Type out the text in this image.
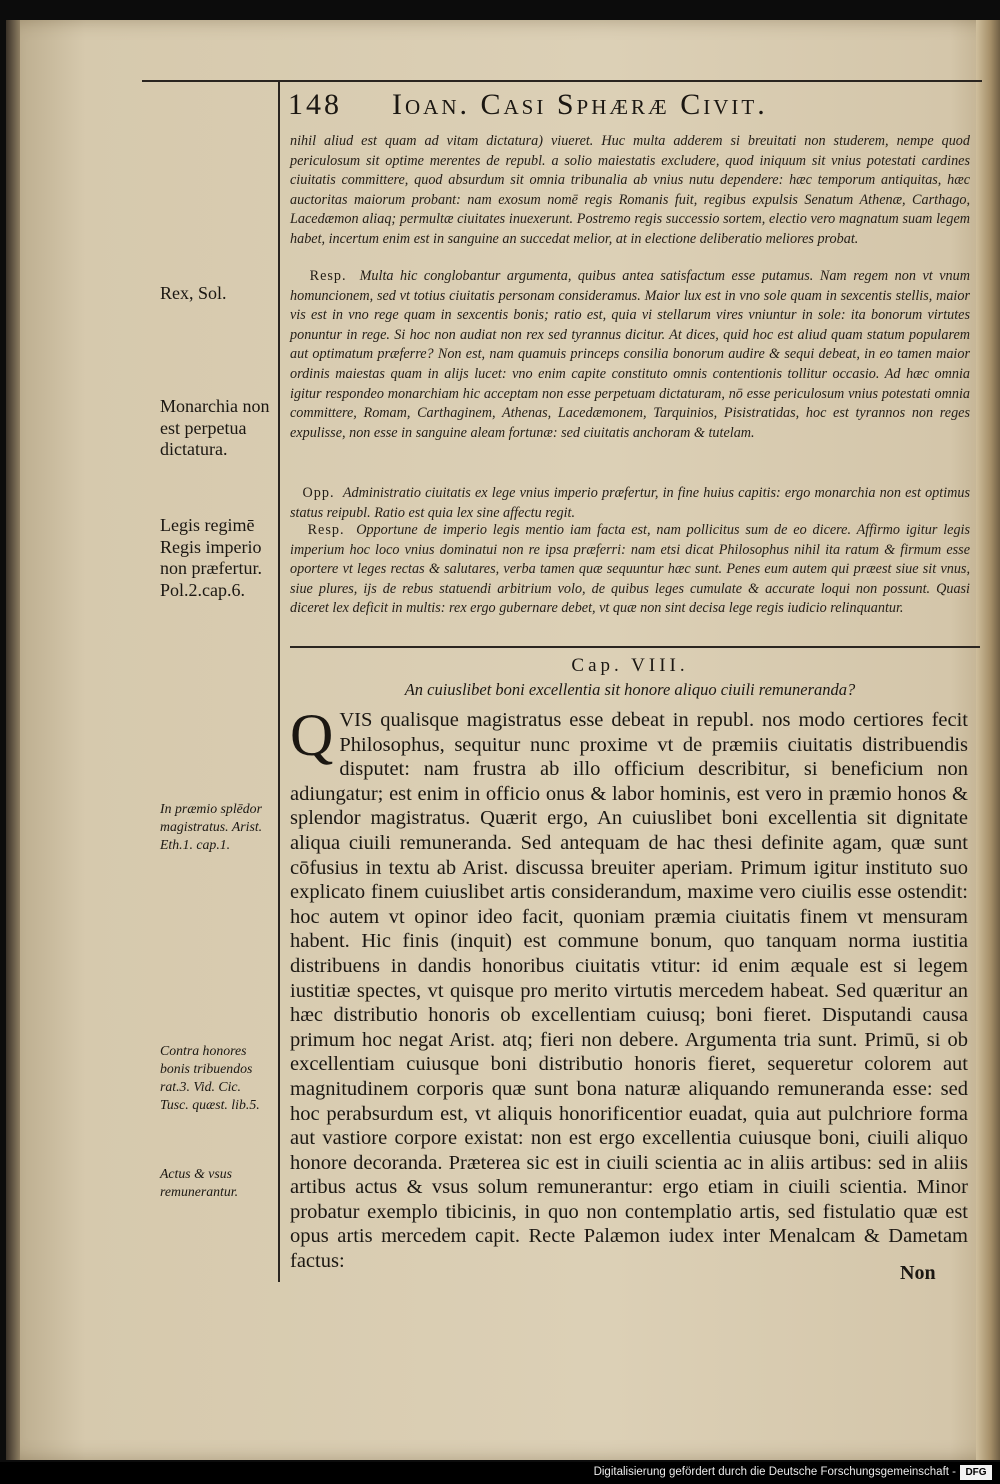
148 Ioan. Casi Sphæræ Civit.
nihil aliud est quam ad vitam dictatura) viueret. Huc multa adderem si breuitati non studerem, nempe quod periculosum sit optime merentes de republ. a solio maiestatis excludere, quod iniquum sit vnius potestati cardines ciuitatis committere, quod absurdum sit omnia tribunalia ab vnius nutu dependere: hæc temporum antiquitas, hæc auctoritas maiorum probant: nam exosum nomē regis Romanis fuit, regibus expulsis Senatum Athenæ, Carthago, Lacedæmon aliaq; permultæ ciuitates inuexerunt. Postremo regis successio sortem, electio vero magnatum suam legem habet, incertum enim est in sanguine an succedat melior, at in electione deliberatio meliores probat.
Resp. Multa hic conglobantur argumenta, quibus antea satisfactum esse putamus. Nam regem non vt vnum homuncionem, sed vt totius ciuitatis personam consideramus. Maior lux est in vno sole quam in sexcentis stellis, maior vis est in vno rege quam in sexcentis bonis; ratio est, quia vi stellarum vires vniuntur in sole: ita bonorum virtutes ponuntur in rege. Si hoc non audiat non rex sed tyrannus dicitur. At dices, quid hoc est aliud quam statum popularem aut optimatum præferre? Non est, nam quamuis princeps consilia bonorum audire & sequi debeat, in eo tamen maior ordinis maiestas quam in alijs lucet: vno enim capite constituto omnis contentionis tollitur occasio. Ad hæc omnia igitur respondeo monarchiam hic acceptam non esse perpetuam dictaturam, nō esse periculosum vnius potestati omnia committere, Romam, Carthaginem, Athenas, Lacedæmonem, Tarquinios, Pisistratidas, hoc est tyrannos non reges expulisse, non esse in sanguine aleam fortunæ: sed ciuitatis anchoram & tutelam.
Opp. Administratio ciuitatis ex lege vnius imperio præfertur, in fine huius capitis: ergo monarchia non est optimus status reipubl. Ratio est quia lex sine affectu regit.
Resp. Opportune de imperio legis mentio iam facta est, nam pollicitus sum de eo dicere. Affirmo igitur legis imperium hoc loco vnius dominatui non re ipsa præferri: nam etsi dicat Philosophus nihil ita ratum & firmum esse oportere vt leges rectas & salutares, verba tamen quæ sequuntur hæc sunt. Penes eum autem qui præest siue sit vnus, siue plures, ijs de rebus statuendi arbitrium volo, de quibus leges cumulate & accurate loqui non possunt. Quasi diceret lex deficit in multis: rex ergo gubernare debet, vt quæ non sint decisa lege regis iudicio relinquantur.
Cap. VIII.
An cuiuslibet boni excellentia sit honore aliquo ciuili remuneranda?
QVIS qualisque magistratus esse debeat in republ. nos modo certiores fecit Philosophus, sequitur nunc proxime vt de præmiis ciuitatis distribuendis disputet: nam frustra ab illo officium describitur, si beneficium non adiungatur; est enim in officio onus & labor hominis, est vero in præmio honos & splendor magistratus. Quærit ergo, An cuiuslibet boni excellentia sit dignitate aliqua ciuili remuneranda. Sed antequam de hac thesi definite agam, quæ sunt cōfusius in textu ab Arist. discussa breuiter aperiam. Primum igitur instituto suo explicato finem cuiuslibet artis considerandum, maxime vero ciuilis esse ostendit: hoc autem vt opinor ideo facit, quoniam præmia ciuitatis finem vt mensuram habent. Hic finis (inquit) est commune bonum, quo tanquam norma iustitia distribuens in dandis honoribus ciuitatis vtitur: id enim æquale est si legem iustitiæ spectes, vt quisque pro merito virtutis mercedem habeat. Sed quæritur an hæc distributio honoris ob excellentiam cuiusq; boni fieret. Disputandi causa primum hoc negat Arist. atq; fieri non debere. Argumenta tria sunt. Primū, si ob excellentiam cuiusque boni distributio honoris fieret, sequeretur colorem aut magnitudinem corporis quæ sunt bona naturæ aliquando remuneranda esse: sed hoc perabsurdum est, vt aliquis honorificentior euadat, quia aut pulchriore forma aut vastiore corpore existat: non est ergo excellentia cuiusque boni, ciuili aliquo honore decoranda. Præterea sic est in ciuili scientia ac in aliis artibus: sed in aliis artibus actus & vsus solum remunerantur: ergo etiam in ciuili scientia. Minor probatur exemplo tibicinis, in quo non contemplatio artis, sed fistulatio quæ est opus artis mercedem capit. Recte Palæmon iudex inter Menalcam & Dametam factus:
Non
Rex, Sol.
Monarchia non est perpetua dictatura.
Legis regimē Regis imperio non præfertur. Pol.2.cap.6.
In præmio splēdor magistratus. Arist. Eth.1. cap.1.
Contra honores bonis tribuendos rat.3. Vid. Cic. Tusc. quæst. lib.5.
Actus & vsus remunerantur.
Digitalisierung gefördert durch die Deutsche Forschungsgemeinschaft - DFG
